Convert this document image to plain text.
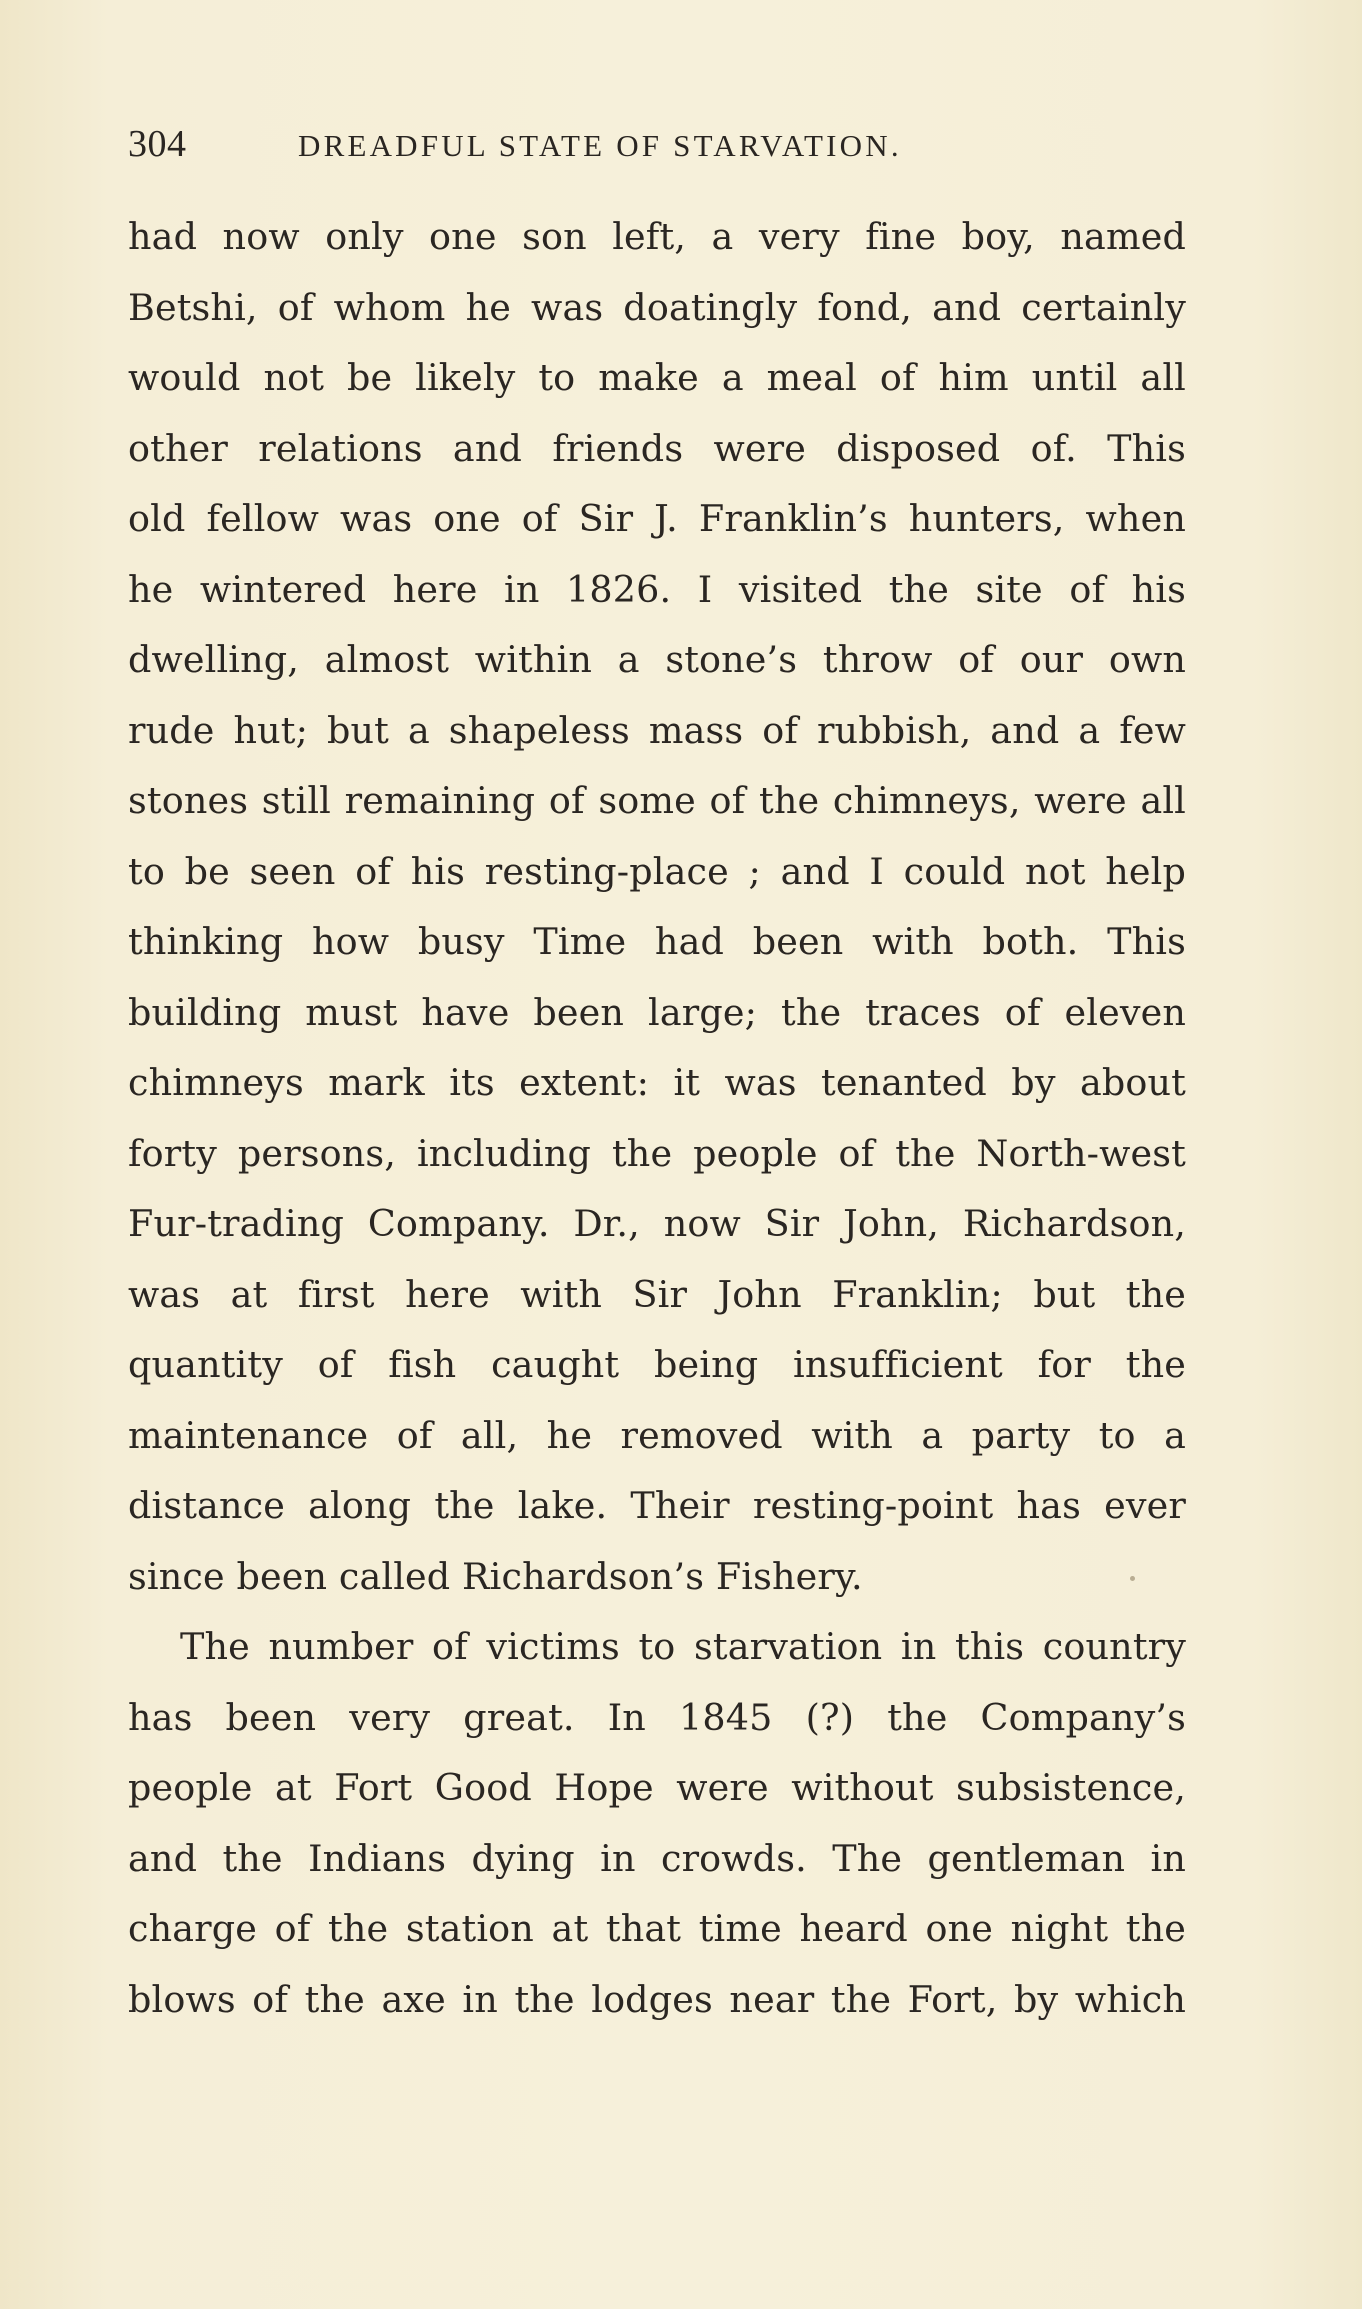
304	DREADFUL STATE OF STARVATION.
had now only one son left, a very fine boy, named
Betshi, of whom he was doatingly fond, and certainly
would not be likely to make a meal of him until all
other relations and friends were disposed of. This
old fellow was one of Sir J. Franklin’s hunters, when
he wintered here in 1826. I visited the site of his
dwelling, almost within a stone’s throw of our own
rude hut; but a shapeless mass of rubbish, and a few
stones still remaining of some of the chimneys, were all
to be seen of his resting-place ; and I could not help
thinking how busy Time had been with both. This
building must have been large; the traces of eleven
chimneys mark its extent: it was tenanted by about
forty persons, including the people of the North-west
Fur-trading Company. Dr., now Sir John, Richardson,
was at first here with Sir John Franklin; but the
quantity of fish caught being insufficient for the
maintenance of all, he removed with a party to a
distance along the lake. Their resting-point has ever
since been called Richardson’s Fishery.
The number of victims to starvation in this country
has been very great. In 1845 (?) the Company’s
people at Fort Good Hope were without subsistence,
and the Indians dying in crowds. The gentleman in
charge of the station at that time heard one night the
blows of the axe in the lodges near the Fort, by which
